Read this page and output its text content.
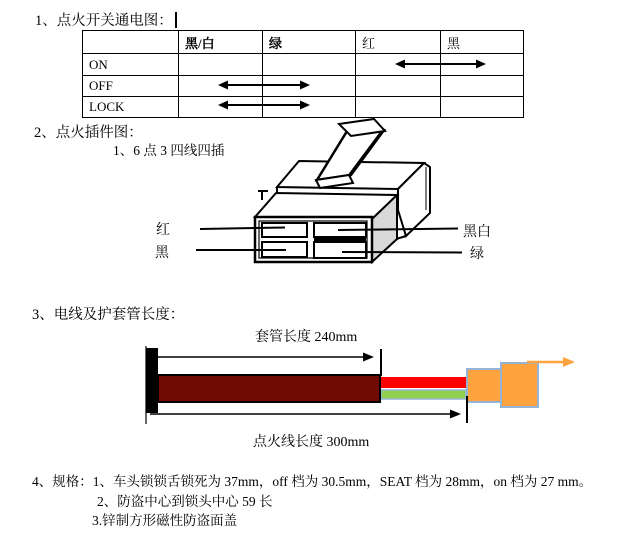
1、点火开关通电图：
	黑/白	绿	红	黑
ON				
OFF				
LOCK				
2、点火插件图：
1、6 点 3 四线四插
红
黑
黑白
绿
3、电线及护套管长度：
套管长度 240mm
点火线长度 300mm
4、规格：1、车头锁锁舌锁死为 37mm，off 档为 30.5mm，SEAT 档为 28mm，on 档为 27 mm。
2、防盗中心到锁头中心 59 长
3.锌制方形磁性防盗面盖
